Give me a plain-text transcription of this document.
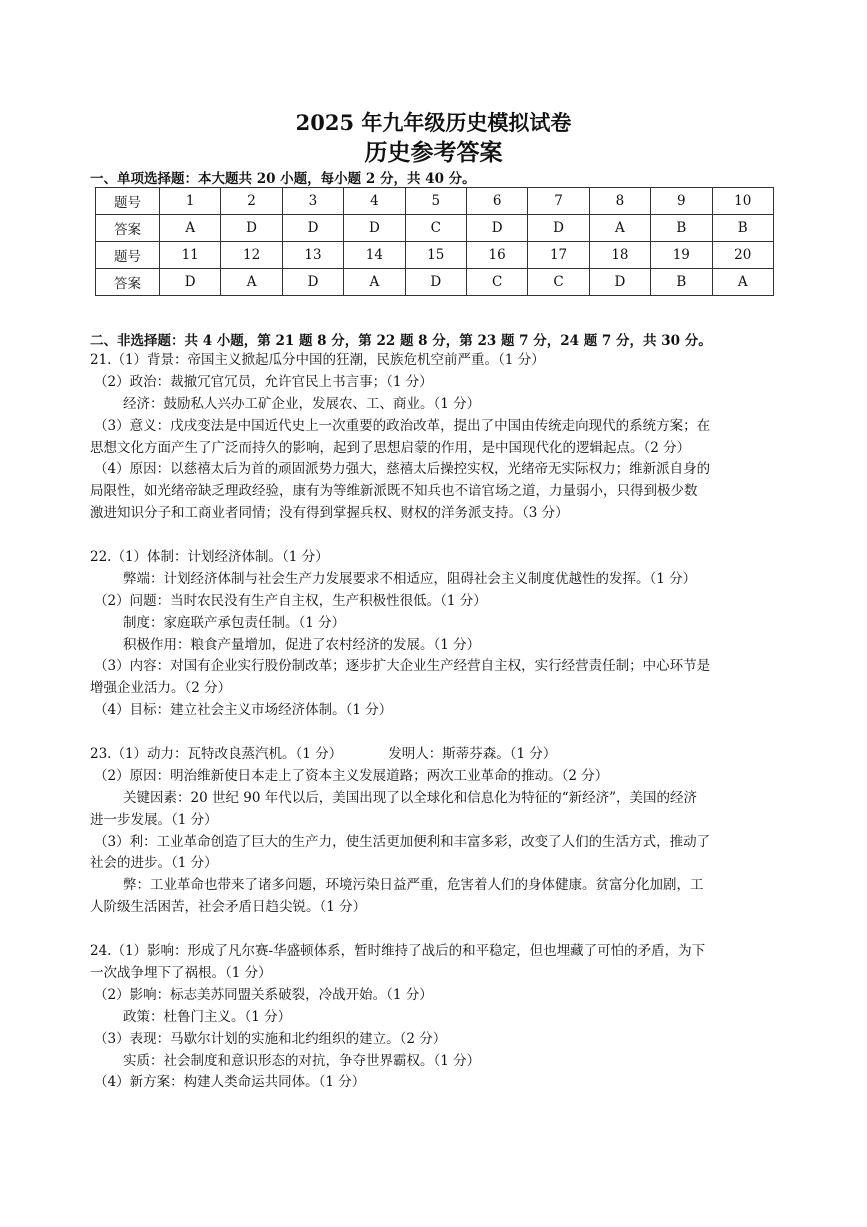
2025 年九年级历史模拟试卷
历史参考答案
一、单项选择题：本大题共 20 小题，每小题 2 分，共 40 分。
题号	1	2	3	4	5	6	7	8	9	10
答案	A	D	D	D	C	D	D	A	B	B
题号	11	12	13	14	15	16	17	18	19	20
答案	D	A	D	A	D	C	C	D	B	A
二、非选择题：共 4 小题，第 21 题 8 分，第 22 题 8 分，第 23 题 7 分，24 题 7 分，共 30 分。
21.（1）背景：帝国主义掀起瓜分中国的狂潮，民族危机空前严重。（1 分）
（2）政治：裁撤冗官冗员，允许官民上书言事；（1 分）
经济：鼓励私人兴办工矿企业，发展农、工、商业。（1 分）
（3）意义：戊戌变法是中国近代史上一次重要的政治改革，提出了中国由传统走向现代的系统方案；在
思想文化方面产生了广泛而持久的影响，起到了思想启蒙的作用，是中国现代化的逻辑起点。（2 分）
（4）原因：以慈禧太后为首的顽固派势力强大，慈禧太后操控实权，光绪帝无实际权力；维新派自身的
局限性，如光绪帝缺乏理政经验，康有为等维新派既不知兵也不谙官场之道，力量弱小，只得到极少数
激进知识分子和工商业者同情；没有得到掌握兵权、财权的洋务派支持。（3 分）
22.（1）体制：计划经济体制。（1 分）
弊端：计划经济体制与社会生产力发展要求不相适应，阻碍社会主义制度优越性的发挥。（1 分）
（2）问题：当时农民没有生产自主权，生产积极性很低。（1 分）
制度：家庭联产承包责任制。（1 分）
积极作用：粮食产量增加，促进了农村经济的发展。（1 分）
（3）内容：对国有企业实行股份制改革；逐步扩大企业生产经营自主权，实行经营责任制；中心环节是
增强企业活力。（2 分）
（4）目标：建立社会主义市场经济体制。（1 分）
23.（1）动力：瓦特改良蒸汽机。（1 分）	发明人：斯蒂芬森。（1 分）
（2）原因：明治维新使日本走上了资本主义发展道路；两次工业革命的推动。（2 分）
关键因素：20 世纪 90 年代以后，美国出现了以全球化和信息化为特征的“新经济”，美国的经济
进一步发展。（1 分）
（3）利：工业革命创造了巨大的生产力，使生活更加便利和丰富多彩，改变了人们的生活方式，推动了
社会的进步。（1 分）
弊：工业革命也带来了诸多问题，环境污染日益严重，危害着人们的身体健康。贫富分化加剧，工
人阶级生活困苦，社会矛盾日趋尖锐。（1 分）
24.（1）影响：形成了凡尔赛-华盛顿体系，暂时维持了战后的和平稳定，但也埋藏了可怕的矛盾，为下
一次战争埋下了祸根。（1 分）
（2）影响：标志美苏同盟关系破裂，冷战开始。（1 分）
政策：杜鲁门主义。（1 分）
（3）表现：马歇尔计划的实施和北约组织的建立。（2 分）
实质：社会制度和意识形态的对抗，争夺世界霸权。（1 分）
（4）新方案：构建人类命运共同体。（1 分）
